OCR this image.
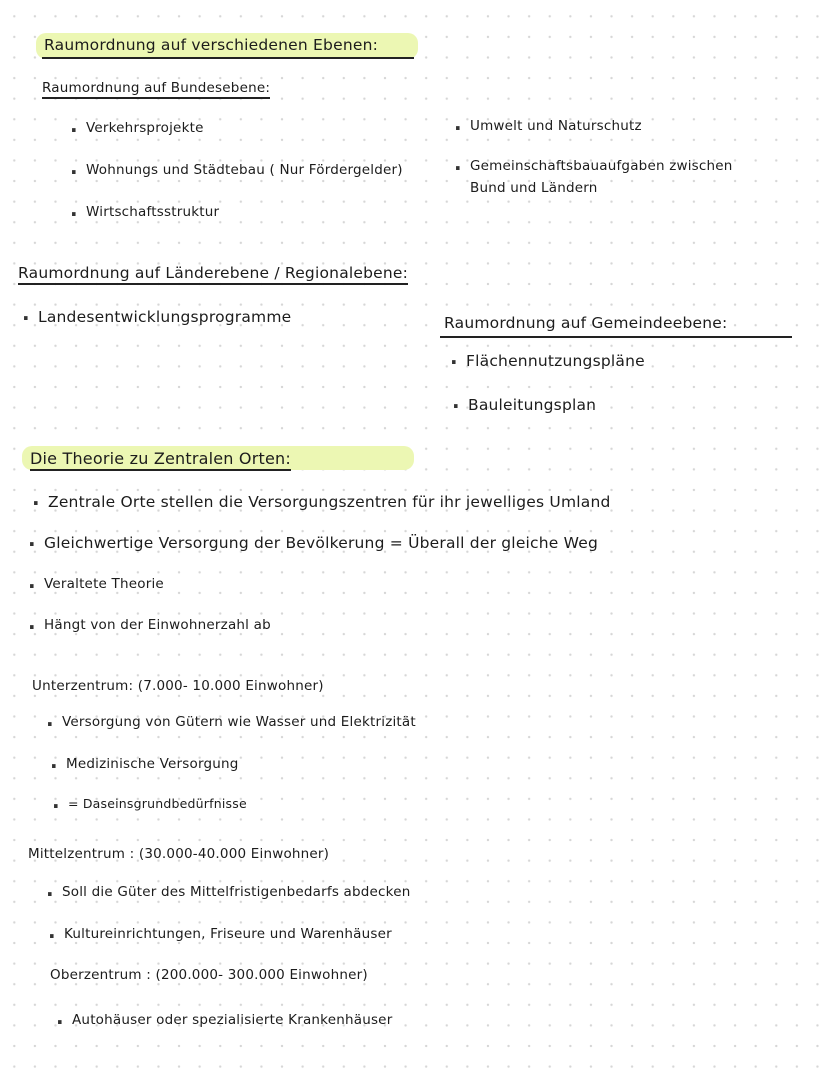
Raumordnung auf verschiedenen Ebenen:
Raumordnung auf Bundesebene:
· Verkehrsprojekte
· Wohnungs und Städtebau ( Nur Fördergelder)
· Wirtschaftsstruktur
· Umwelt und Naturschutz
· Gemeinschaftsbauaufgaben zwischen
Bund und Ländern
Raumordnung auf Länderebene / Regionalebene:
· Landesentwicklungsprogramme	Raumordnung auf Gemeindeebene:
· Flächennutzungspläne
· Bauleitungsplan
Die Theorie zu Zentralen Orten:
· Zentrale Orte stellen die Versorgungszentren für ihr jewelliges Umland
· Gleichwertige Versorgung der Bevölkerung = Überall der gleiche Weg
· Veraltete Theorie
· Hängt von der Einwohnerzahl ab
Unterzentrum: (7.000- 10.000 Einwohner)
· Versorgung von Gütern wie Wasser und Elektrizität
· Medizinische Versorgung
· = Daseinsgrundbedürfnisse
Mittelzentrum : (30.000-40.000 Einwohner)
· Soll die Güter des Mittelfristigenbedarfs abdecken
· Kultureinrichtungen, Friseure und Warenhäuser
Oberzentrum : (200.000- 300.000 Einwohner)
· Autohäuser oder spezialisierte Krankenhäuser
